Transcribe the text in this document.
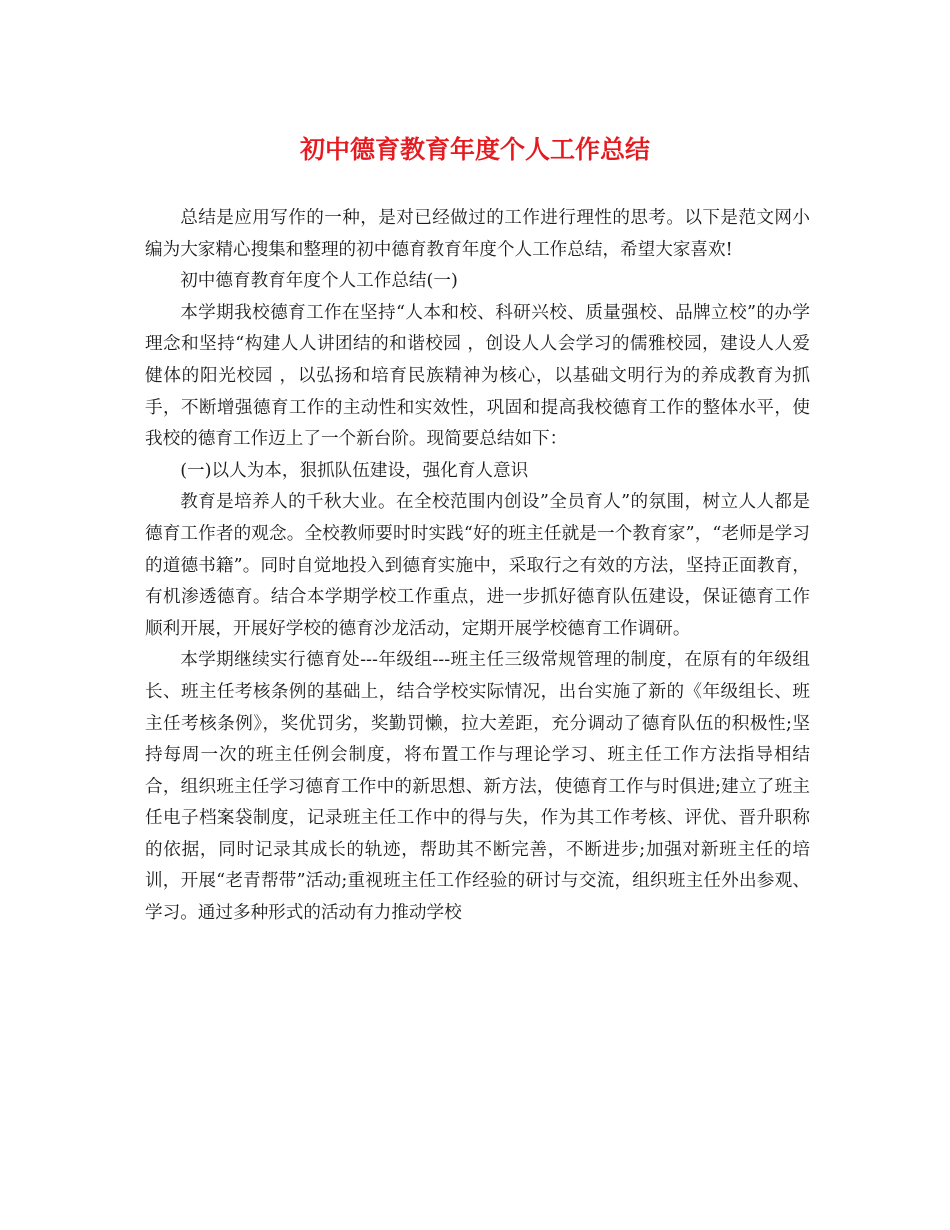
初中德育教育年度个人工作总结

总结是应用写作的一种，是对已经做过的工作进行理性的思考。以下是范文网小编为大家精心搜集和整理的初中德育教育年度个人工作总结，希望大家喜欢!

初中德育教育年度个人工作总结(一)

本学期我校德育工作在坚持“人本和校、科研兴校、质量强校、品牌立校”的办学理念和坚持“构建人人讲团结的和谐校园 ，创设人人会学习的儒雅校园，建设人人爱健体的阳光校园 ，以弘扬和培育民族精神为核心，以基础文明行为的养成教育为抓手，不断增强德育工作的主动性和实效性，巩固和提高我校德育工作的整体水平，使我校的德育工作迈上了一个新台阶。现简要总结如下：

(一)以人为本，狠抓队伍建设，强化育人意识

教育是培养人的千秋大业。在全校范围内创设”全员育人”的氛围，树立人人都是德育工作者的观念。全校教师要时时实践“好的班主任就是一个教育家”，“老师是学习的道德书籍”。同时自觉地投入到德育实施中，采取行之有效的方法，坚持正面教育，有机渗透德育。结合本学期学校工作重点，进一步抓好德育队伍建设，保证德育工作顺利开展，开展好学校的德育沙龙活动，定期开展学校德育工作调研。

本学期继续实行德育处---年级组---班主任三级常规管理的制度，在原有的年级组长、班主任考核条例的基础上，结合学校实际情况，出台实施了新的《年级组长、班主任考核条例》，奖优罚劣，奖勤罚懒，拉大差距，充分调动了德育队伍的积极性;坚持每周一次的班主任例会制度，将布置工作与理论学习、班主任工作方法指导相结合，组织班主任学习德育工作中的新思想、新方法，使德育工作与时俱进;建立了班主任电子档案袋制度，记录班主任工作中的得与失，作为其工作考核、评优、晋升职称的依据，同时记录其成长的轨迹，帮助其不断完善，不断进步;加强对新班主任的培训，开展“老青帮带”活动;重视班主任工作经验的研讨与交流，组织班主任外出参观、学习。通过多种形式的活动有力推动学校
